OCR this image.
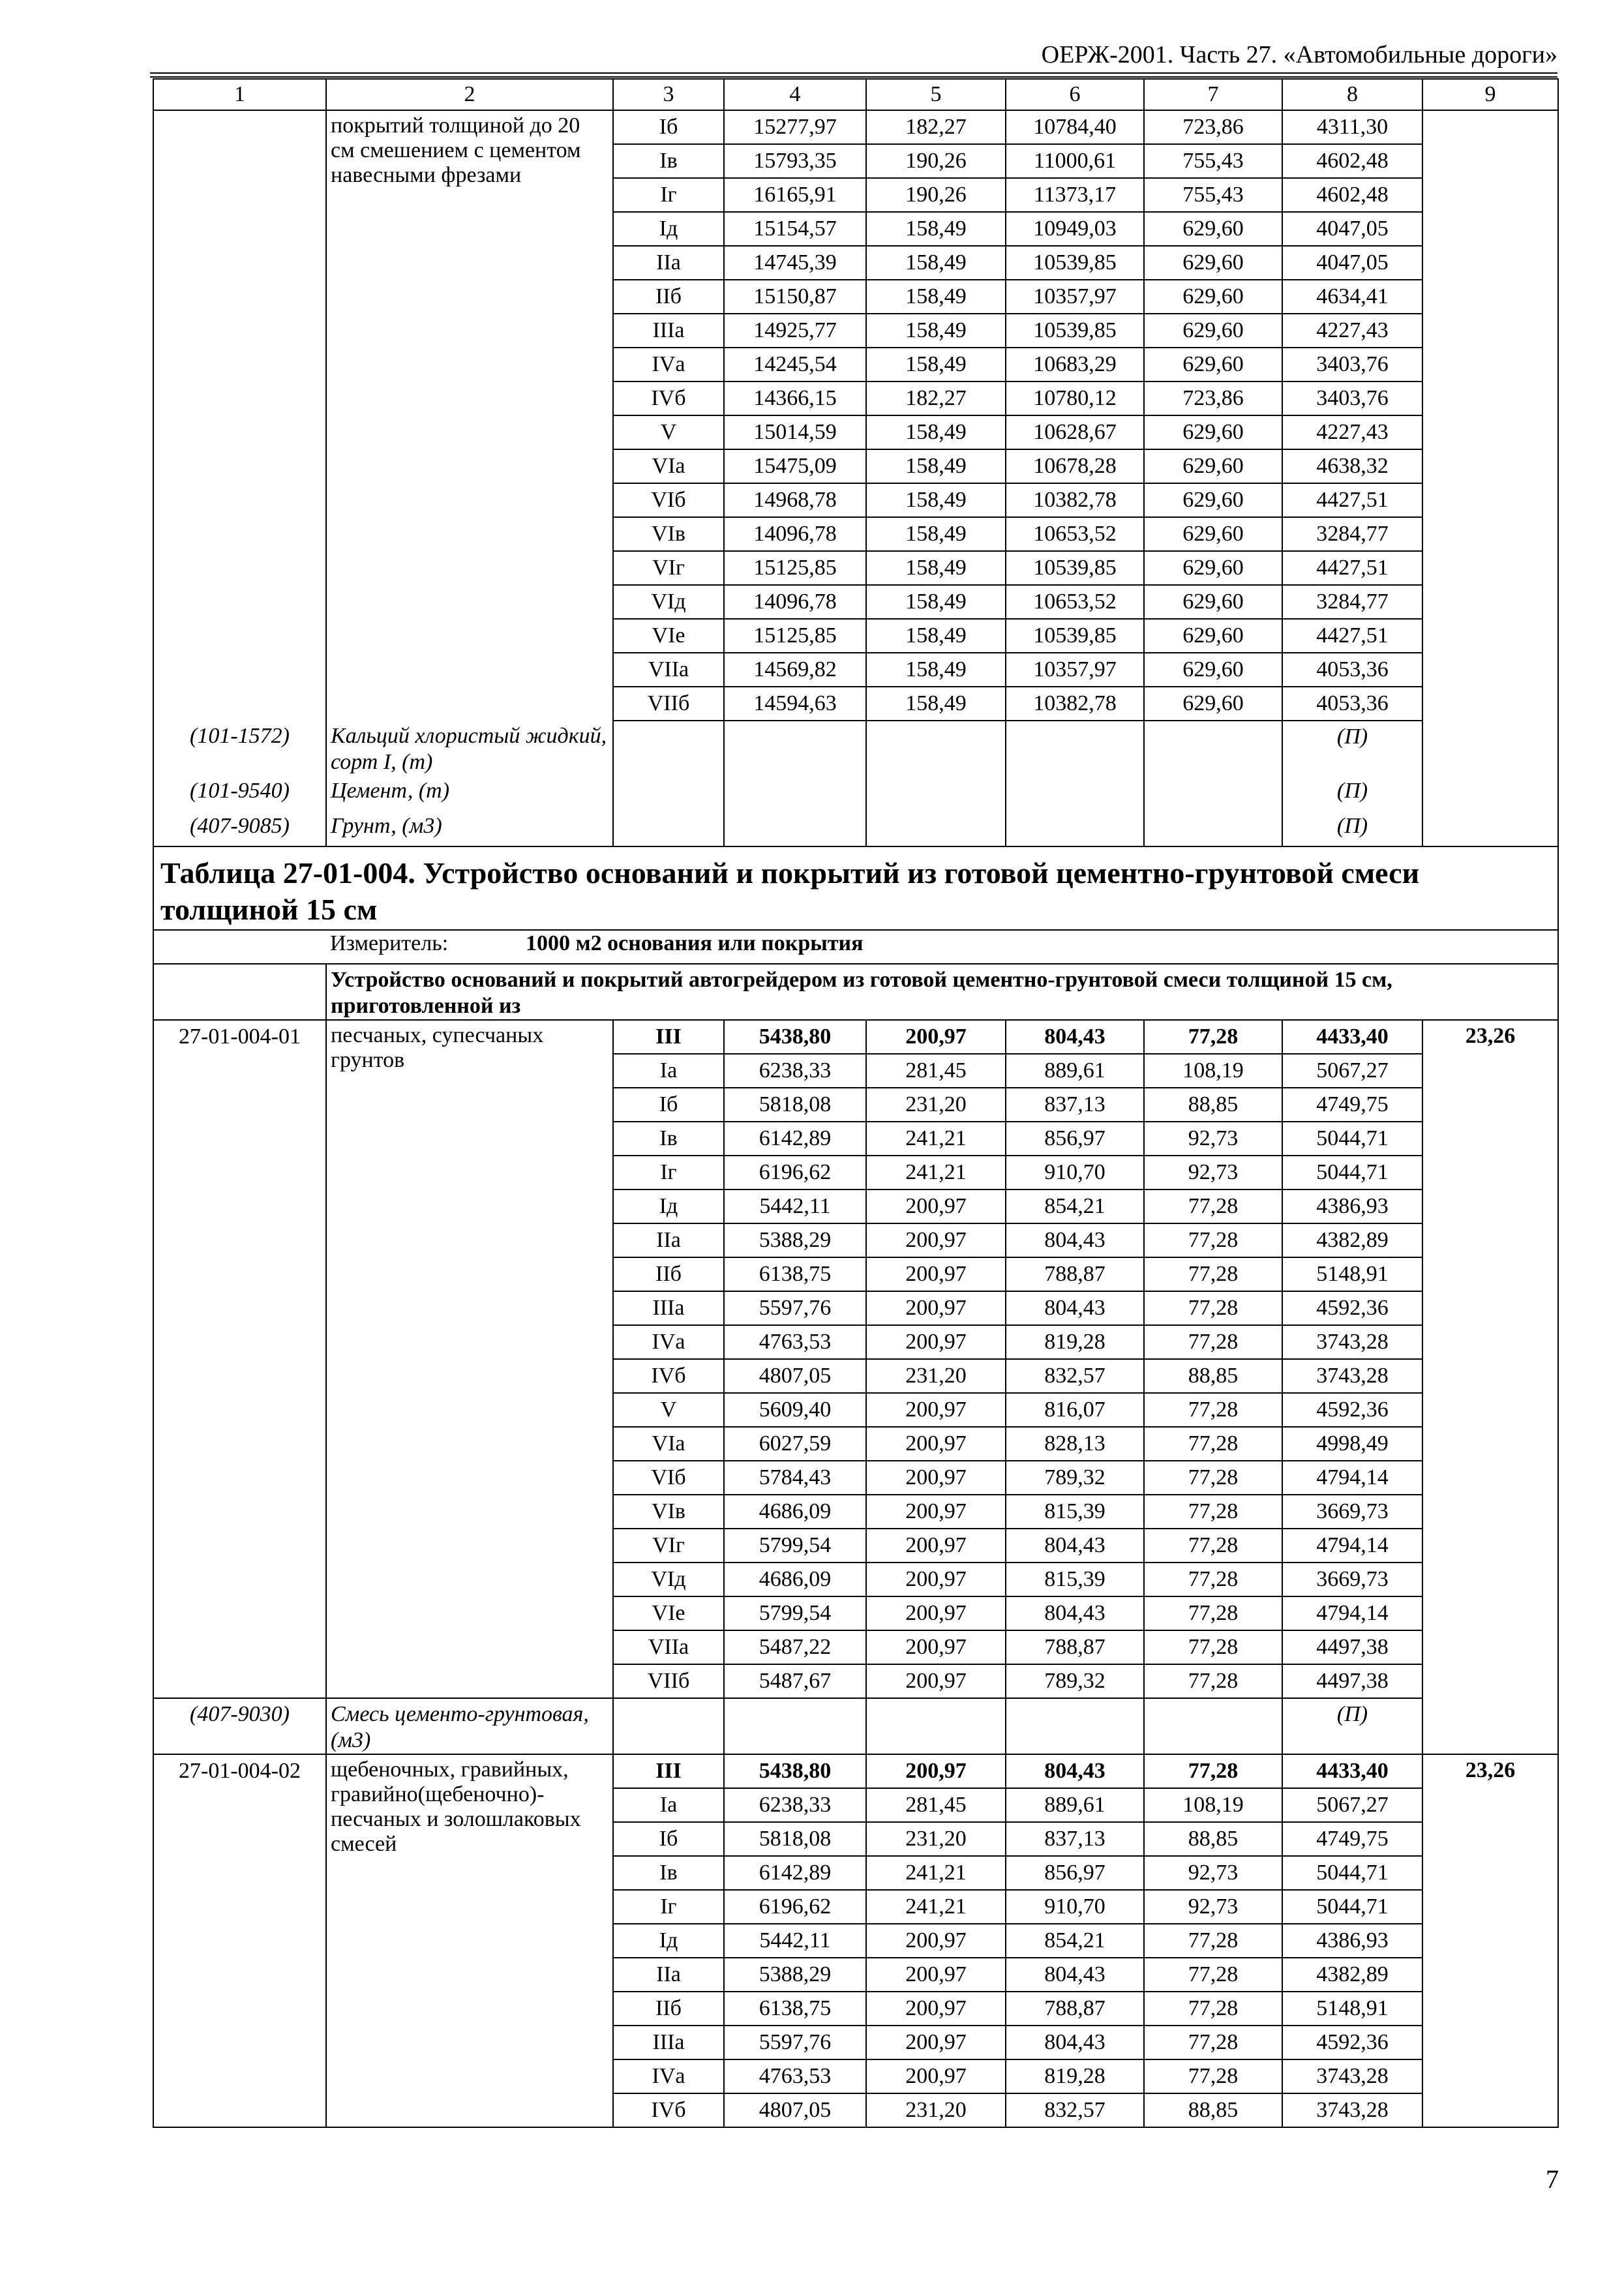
ОЕРЖ-2001. Часть 27. «Автомобильные дороги»
1	2	3	4	5	6	7	8	9
	покрытий толщиной до 20 см смешением с цементом навесными фрезами	Iб	15277,97	182,27	10784,40	723,86	4311,30	
		Iв	15793,35	190,26	11000,61	755,43	4602,48	
		Iг	16165,91	190,26	11373,17	755,43	4602,48	
		Iд	15154,57	158,49	10949,03	629,60	4047,05	
		IIа	14745,39	158,49	10539,85	629,60	4047,05	
		IIб	15150,87	158,49	10357,97	629,60	4634,41	
		IIIа	14925,77	158,49	10539,85	629,60	4227,43	
		IVа	14245,54	158,49	10683,29	629,60	3403,76	
		IVб	14366,15	182,27	10780,12	723,86	3403,76	
		V	15014,59	158,49	10628,67	629,60	4227,43	
		VIа	15475,09	158,49	10678,28	629,60	4638,32	
		VIб	14968,78	158,49	10382,78	629,60	4427,51	
		VIв	14096,78	158,49	10653,52	629,60	3284,77	
		VIг	15125,85	158,49	10539,85	629,60	4427,51	
		VIд	14096,78	158,49	10653,52	629,60	3284,77	
		VIе	15125,85	158,49	10539,85	629,60	4427,51	
		VIIа	14569,82	158,49	10357,97	629,60	4053,36	
		VIIб	14594,63	158,49	10382,78	629,60	4053,36	
(101-1572)	Кальций хлористый жидкий, сорт I, (т)						(П)	
(101-9540)	Цемент, (т)						(П)	
(407-9085)	Грунт, (м3)						(П)	
Таблица 27-01-004. Устройство оснований и покрытий из готовой цементно-грунтовой смеси толщиной 15 см								
	Измеритель: 1000 м2 основания или покрытия							
	Устройство оснований и покрытий автогрейдером из готовой цементно-грунтовой смеси толщиной 15 см, приготовленной из							
27-01-004-01	песчаных, супесчаных грунтов	III	5438,80	200,97	804,43	77,28	4433,40	23,26
		Iа	6238,33	281,45	889,61	108,19	5067,27	
		Iб	5818,08	231,20	837,13	88,85	4749,75	
		Iв	6142,89	241,21	856,97	92,73	5044,71	
		Iг	6196,62	241,21	910,70	92,73	5044,71	
		Iд	5442,11	200,97	854,21	77,28	4386,93	
		IIа	5388,29	200,97	804,43	77,28	4382,89	
		IIб	6138,75	200,97	788,87	77,28	5148,91	
		IIIа	5597,76	200,97	804,43	77,28	4592,36	
		IVа	4763,53	200,97	819,28	77,28	3743,28	
		IVб	4807,05	231,20	832,57	88,85	3743,28	
		V	5609,40	200,97	816,07	77,28	4592,36	
		VIа	6027,59	200,97	828,13	77,28	4998,49	
		VIб	5784,43	200,97	789,32	77,28	4794,14	
		VIв	4686,09	200,97	815,39	77,28	3669,73	
		VIг	5799,54	200,97	804,43	77,28	4794,14	
		VIд	4686,09	200,97	815,39	77,28	3669,73	
		VIе	5799,54	200,97	804,43	77,28	4794,14	
		VIIа	5487,22	200,97	788,87	77,28	4497,38	
		VIIб	5487,67	200,97	789,32	77,28	4497,38	
(407-9030)	Смесь цементо-грунтовая, (м3)						(П)	
27-01-004-02	щебеночных, гравийных, гравийно(щебеночно)-песчаных и золошлаковых смесей	III	5438,80	200,97	804,43	77,28	4433,40	23,26
		Iа	6238,33	281,45	889,61	108,19	5067,27	
		Iб	5818,08	231,20	837,13	88,85	4749,75	
		Iв	6142,89	241,21	856,97	92,73	5044,71	
		Iг	6196,62	241,21	910,70	92,73	5044,71	
		Iд	5442,11	200,97	854,21	77,28	4386,93	
		IIа	5388,29	200,97	804,43	77,28	4382,89	
		IIб	6138,75	200,97	788,87	77,28	5148,91	
		IIIа	5597,76	200,97	804,43	77,28	4592,36	
		IVа	4763,53	200,97	819,28	77,28	3743,28	
		IVб	4807,05	231,20	832,57	88,85	3743,28	
7
